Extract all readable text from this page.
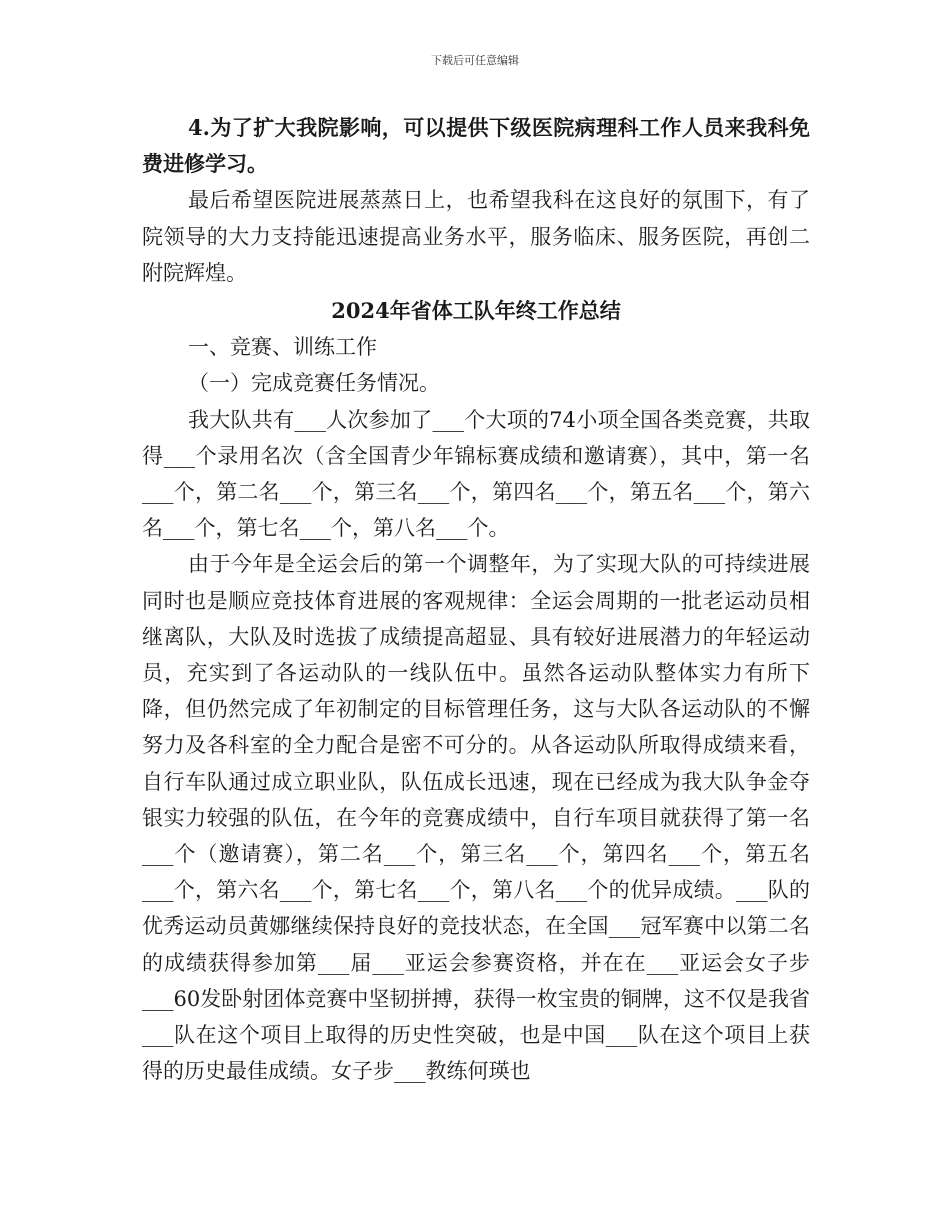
下载后可任意编辑

4.为了扩大我院影响，可以提供下级医院病理科工作人员来我科免费进修学习。

最后希望医院进展蒸蒸日上，也希望我科在这良好的氛围下，有了院领导的大力支持能迅速提高业务水平，服务临床、服务医院，再创二附院辉煌。

2024年省体工队年终工作总结

一、竞赛、训练工作

（一）完成竞赛任务情况。

我大队共有___人次参加了___个大项的74小项全国各类竞赛，共取得___个录用名次（含全国青少年锦标赛成绩和邀请赛），其中，第一名___个，第二名___个，第三名___个，第四名___个，第五名___个，第六名___个，第七名___个，第八名___个。

由于今年是全运会后的第一个调整年，为了实现大队的可持续进展同时也是顺应竞技体育进展的客观规律：全运会周期的一批老运动员相继离队，大队及时选拔了成绩提高超显、具有较好进展潜力的年轻运动员，充实到了各运动队的一线队伍中。虽然各运动队整体实力有所下降，但仍然完成了年初制定的目标管理任务，这与大队各运动队的不懈努力及各科室的全力配合是密不可分的。从各运动队所取得成绩来看，自行车队通过成立职业队，队伍成长迅速，现在已经成为我大队争金夺银实力较强的队伍，在今年的竞赛成绩中，自行车项目就获得了第一名___个（邀请赛），第二名___个，第三名___个，第四名___个，第五名___个，第六名___个，第七名___个，第八名___个的优异成绩。___队的优秀运动员黄娜继续保持良好的竞技状态，在全国___冠军赛中以第二名的成绩获得参加第___届___亚运会参赛资格，并在在___亚运会女子步___60发卧射团体竞赛中坚韧拼搏，获得一枚宝贵的铜牌，这不仅是我省___队在这个项目上取得的历史性突破，也是中国___队在这个项目上获得的历史最佳成绩。女子步___教练何瑛也
